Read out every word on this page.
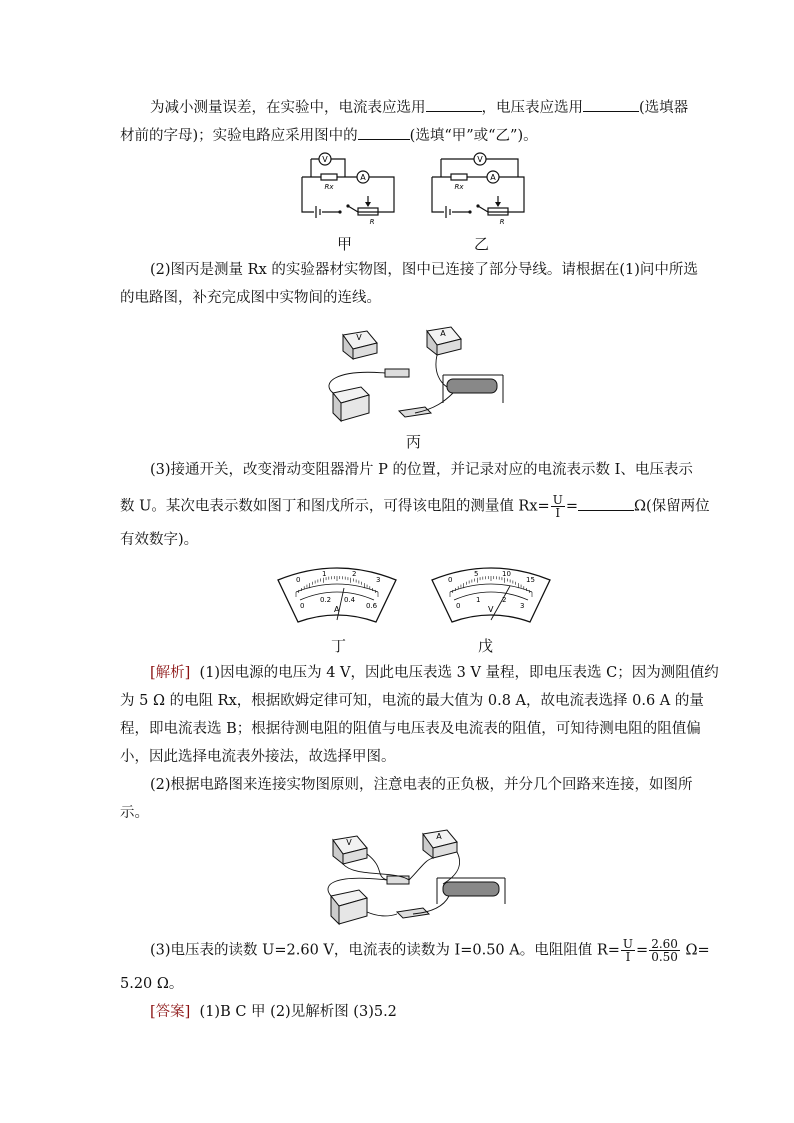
为减小测量误差，在实验中，电流表应选用	，电压表应选用	(选填器
材前的字母)；实验电路应采用图中的	(选填“甲”或“乙”)。
V
A
Rx
R
V
A
Rx
R
甲	乙
(2)图丙是测量 Rx 的实验器材实物图，图中已连接了部分导线。请根据在(1)问中所选
的电路图，补充完成图中实物间的连线。
V	A
丙
(3)接通开关，改变滑动变阻器滑片 P 的位置，并记录对应的电流表示数 I、电压表示
数 U。某次电表示数如图丁和图戊所示，可得该电阻的测量值 $Rx= \frac{U}{I}$ =	Ω(保留两位
有效数字)。
0
1	2
3
0
0.2 0.4
0.6
A
0
5	10
15
0
1	2
3
V
丁	戊
[解析] (1)因电源的电压为 4 V，因此电压表选 3 V 量程，即电压表选 C；因为测阻值约
为 5 Ω 的电阻 Rx，根据欧姆定律可知，电流的最大值为 0.8 A，故电流表选择 0.6 A 的量
程，即电流表选 B；根据待测电阻的阻值与电压表及电流表的阻值，可知待测电阻的阻值偏
小，因此选择电流表外接法，故选择甲图。
(2)根据电路图来连接实物图原则，注意电表的正负极，并分几个回路来连接，如图所
示。
V
A
(3)电压表的读数 U=2.60 V，电流表的读数为 I=0.50 A。电阻阻值 $R= \frac{U}{I} = \frac{2.60}{0.50} \Omega=$
5.20 Ω。
[答案] (1)B C 甲 (2)见解析图 (3)5.2
